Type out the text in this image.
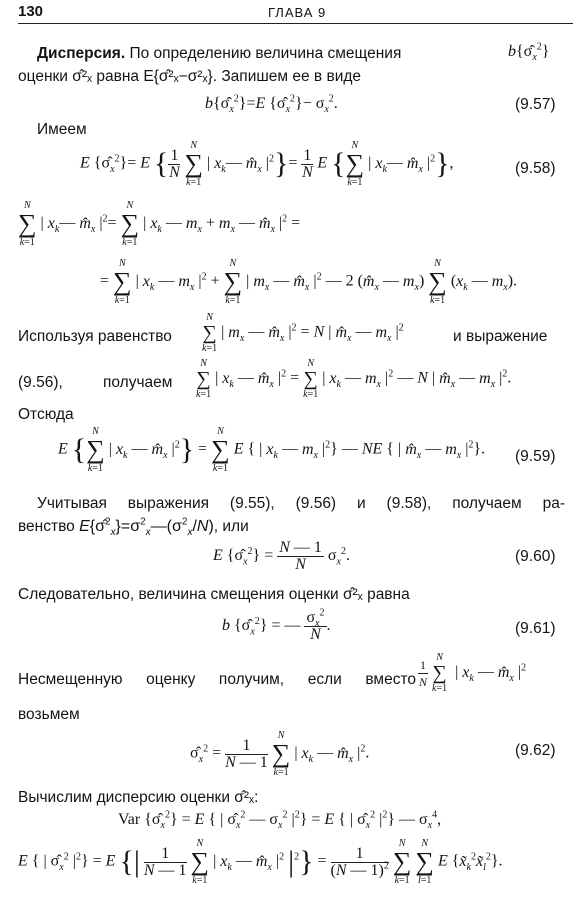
130	ГЛАВА 9
Дисперсия. По определению величина смещения	$b\{\sigmâ_x^2\}$
оценки σ̂²ₓ равна E{σ̂²ₓ−σ²ₓ}. Запишем ее в виде
$b\{\sigmâ_x^2\}=E$ $\{\sigmâ_x^2\}- \sigma_x^2$.	(9.57)
Имеем
E $\{\sigmâ_x^2\}= E$ { $\frac{1}{N}$
N
∑
k=1 | $x_k—$ $m̂_x$ $|^2\}= \frac{1}{N}$ E {N
∑
k=1 | $x_k—$ $m̂_x$ $|^2$},	(9.58)
N
∑
k=1 | $x_k—$ $m̂_x$ $|^2= N$
∑
k=1 | $x_k$ — $m_x + m_x$ — $m̂_x$ $|^2$ =
= N
∑
k=1 | $x_k$ — $m_x$ $|^2 + N$
∑
k=1 | $m_x$ — $m̂_x$ $|^2$ — 2 ($m̂_x$ — $m_x$) N
∑
k=1 ($x_k$ — $m_x$).
Используя равенство
N
∑
k=1 | $m_x$ — $m̂_x$ $|^2 = N$ | $m̂_x$ — $m_x$ $|^2$
и выражение
(9.56),	получаем
N
∑
k=1 | $x_k$ — $m̂_x$ $|^2 = N$
∑
k=1 | $x_k$ — $m_x$ $|^2$ — N | $m̂_x$ — $m_x$ $|^2$.
Отсюда
E {N
∑
k=1 | $x_k$ — $m̂_x$ $|^2\} = N$
∑
k=1 E { | $x_k$ — $m_x$ $|^2$} — NE { | $m̂_x$ — $m_x$ $|^2$}. (9.59)
Учитывая выражения (9.55), (9.56) и (9.58), получаем ра-
венство $E\{\sigmâ^2_x\}=\sigma^2_x—(\sigma^2_x/N)$, или
E $\{\sigmâ_x^2\} = \frac{N — 1}{N} \sigma_x^2$.	(9.60)
Следовательно, величина смещения оценки σ̂²ₓ равна
b $\{\sigmâ_x^2\}$ = — $\frac{\sigma_x^2}{N}$ .	(9.61)
Несмещенную оценку получим, если вместо $\frac{1}{N}$ N
∑
k=1  | $x_k$ — $m̂_x$ $|^2$
возьмем
$\sigmâ_x^2 = \frac{1}{N — 1}$
N
∑
k=1 | $x_k$ — $m̂_x$ $|^2$.	(9.62)
Вычислим дисперсию оценки σ̂²ₓ:
Var $\{\sigmâ_x^2\} = E$ { | $\sigmâ_x^2$ — $\sigma_x^2$ $|^2\} = E$ { | $\sigmâ_x^2$ $|^2$} — $\sigma_x^4$,
E { | $\sigmâ_x^2$ $|^2\} = E$ {| $\frac{1}{N — 1}$
N
∑
k=1 | $x_k$ — $m̂_x$ $|^2$ $|^2\} = \frac{1}{(N — 1)^2}$
N
∑
k=1 N
∑
l=1 E $\{x̃_k^2x̃_l^2\}$.
